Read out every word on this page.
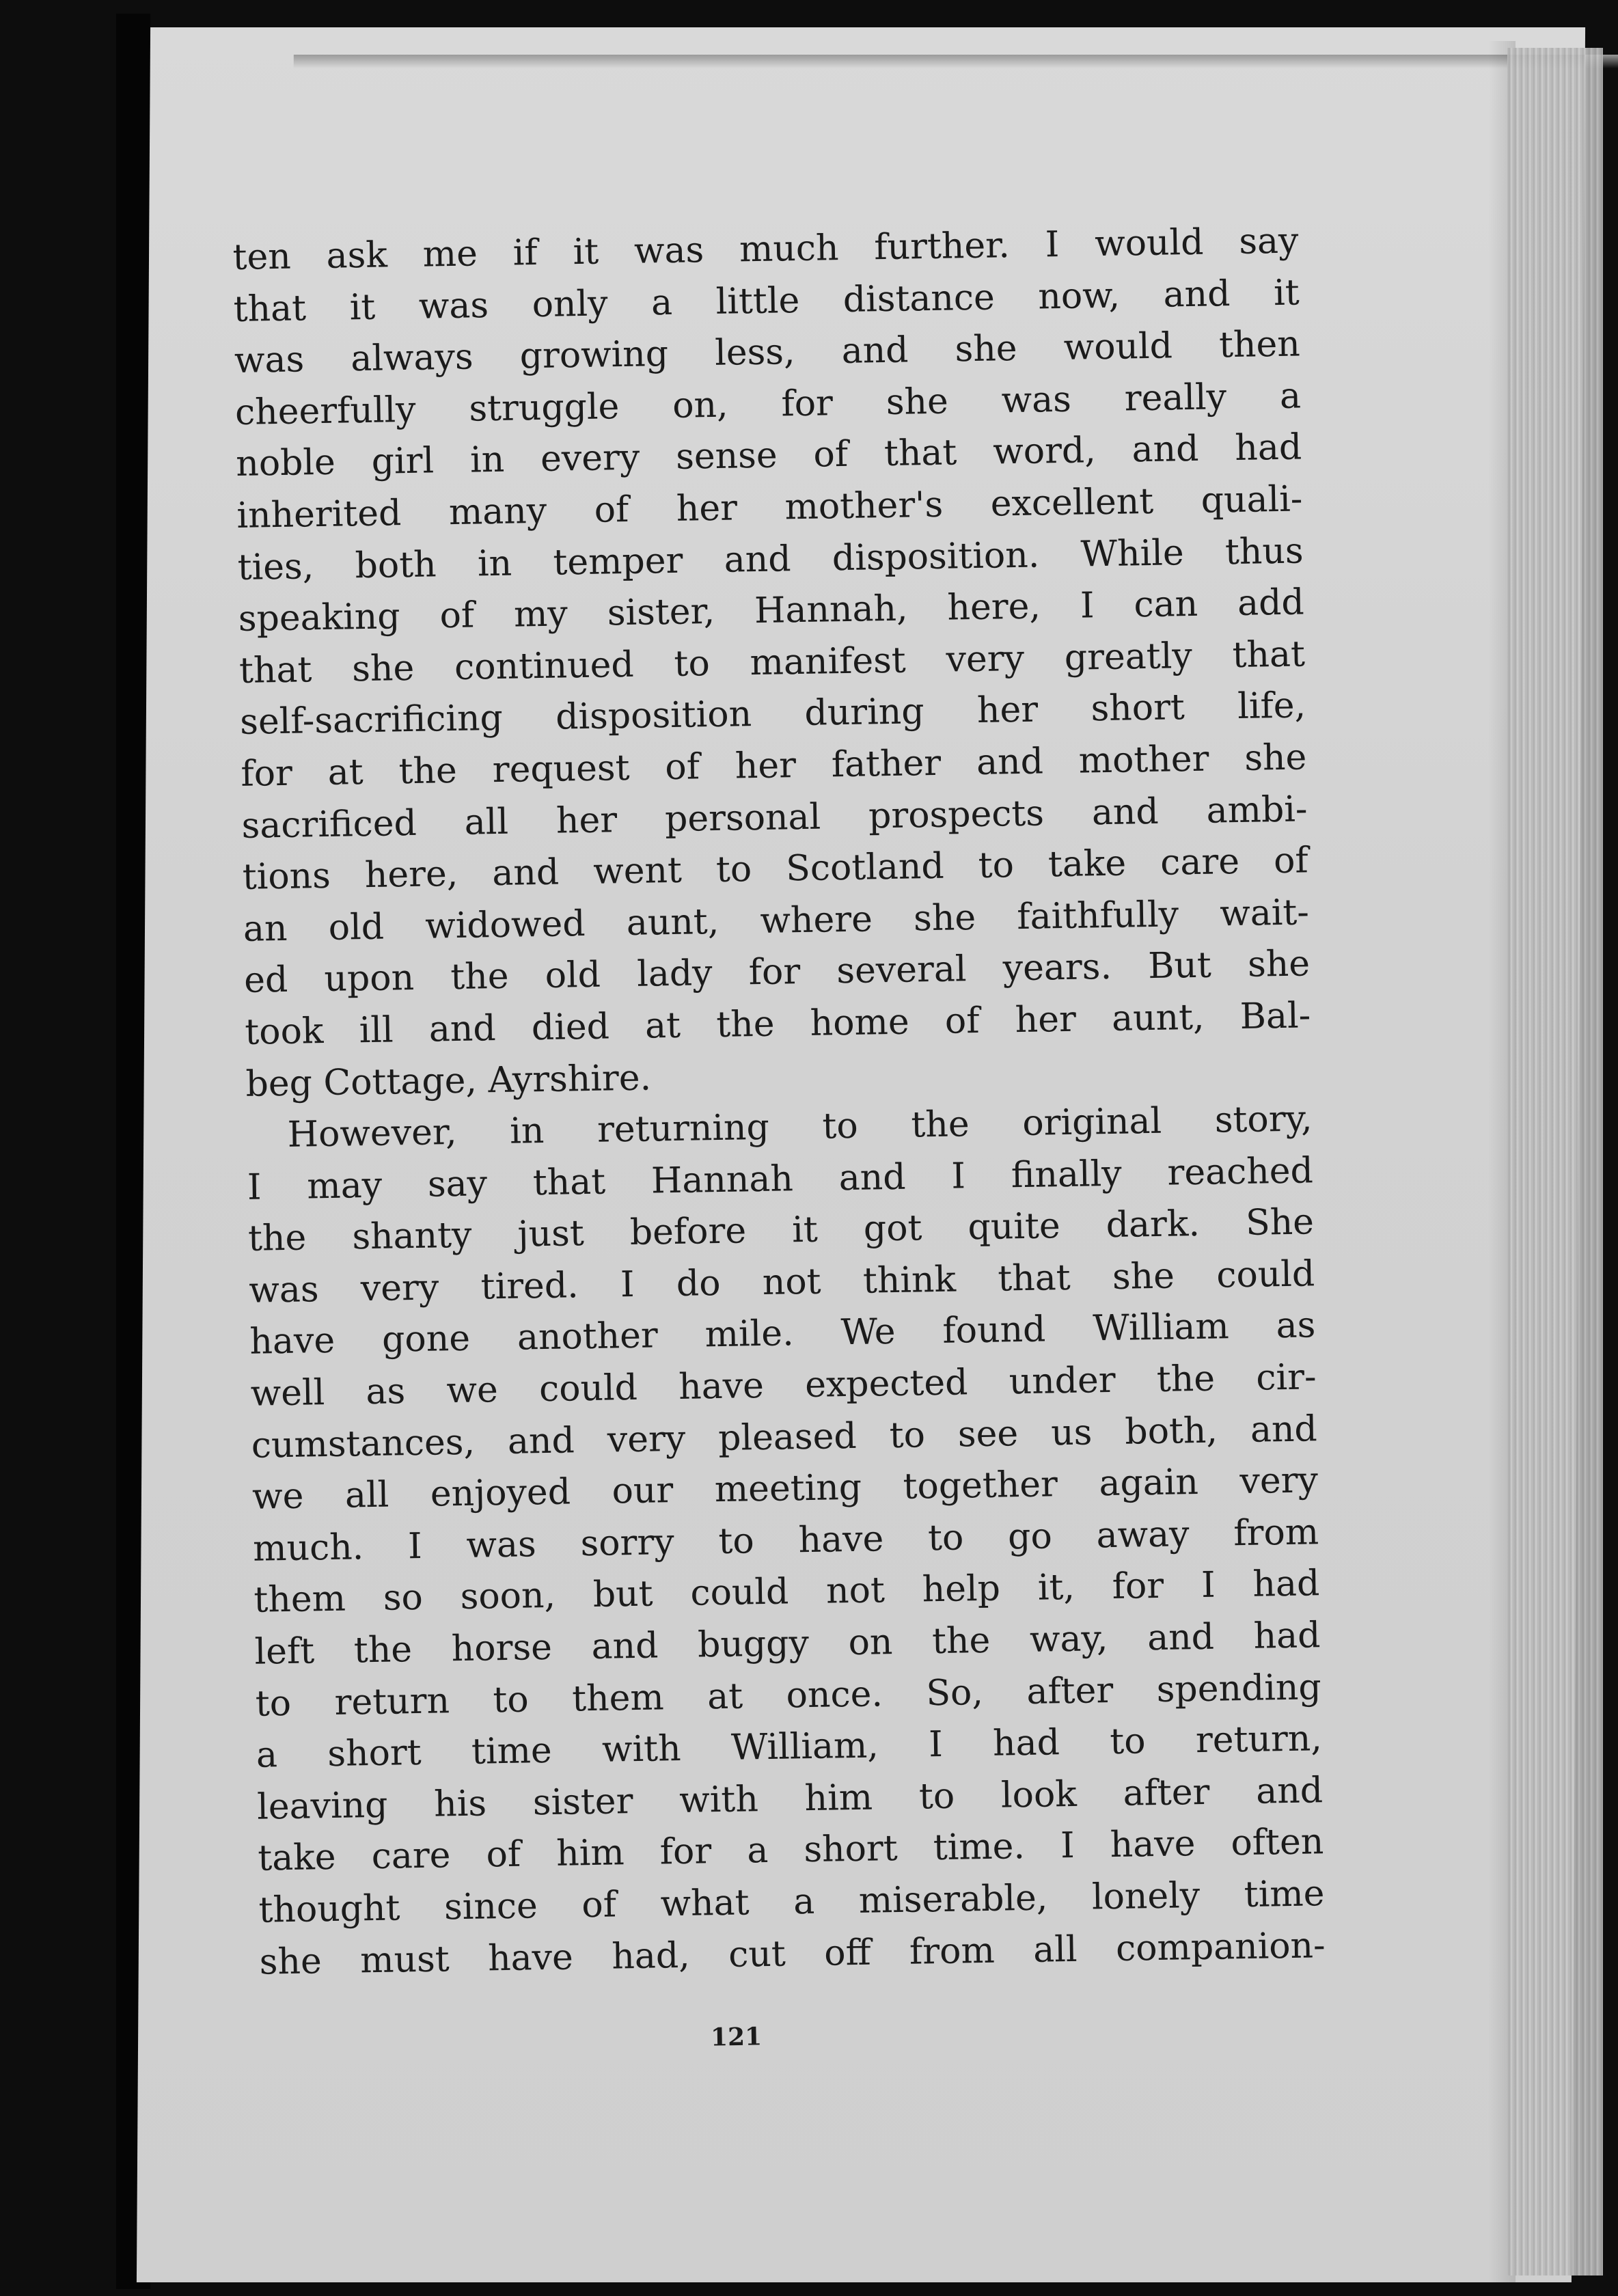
ten ask me if it was much further. I would say
that it was only a little distance now, and it
was always growing less, and she would then
cheerfully struggle on, for she was really a
noble girl in every sense of that word, and had
inherited many of her mother's excellent quali-
ties, both in temper and disposition. While thus
speaking of my sister, Hannah, here, I can add
that she continued to manifest very greatly that
self-sacrificing disposition during her short life,
for at the request of her father and mother she
sacrificed all her personal prospects and ambi-
tions here, and went to Scotland to take care of
an old widowed aunt, where she faithfully wait-
ed upon the old lady for several years. But she
took ill and died at the home of her aunt, Bal-
beg Cottage, Ayrshire.
However, in returning to the original story,
I may say that Hannah and I finally reached
the shanty just before it got quite dark. She
was very tired. I do not think that she could
have gone another mile. We found William as
well as we could have expected under the cir-
cumstances, and very pleased to see us both, and
we all enjoyed our meeting together again very
much. I was sorry to have to go away from
them so soon, but could not help it, for I had
left the horse and buggy on the way, and had
to return to them at once. So, after spending
a short time with William, I had to return,
leaving his sister with him to look after and
take care of him for a short time. I have often
thought since of what a miserable, lonely time
she must have had, cut off from all companion-
121
